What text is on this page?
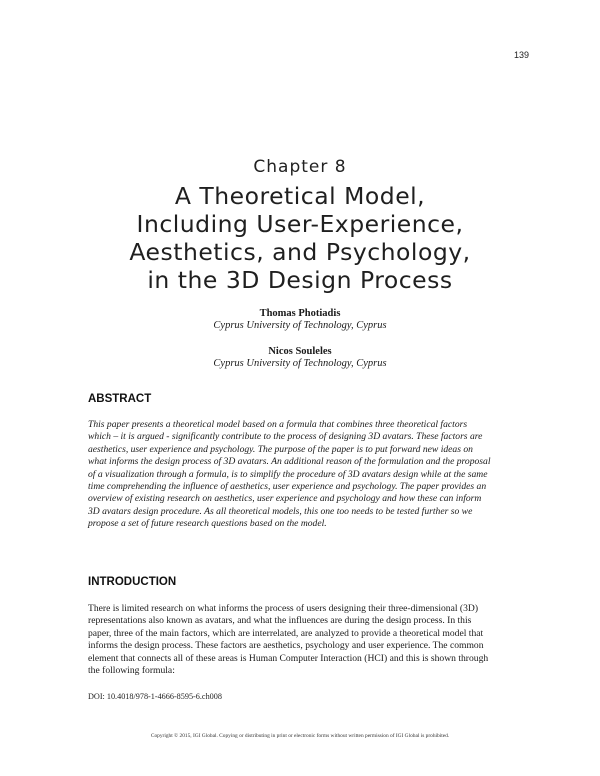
139
Chapter 8
A Theoretical Model,
Including User-Experience,
Aesthetics, and Psychology,
in the 3D Design Process
Thomas Photiadis
Cyprus University of Technology, Cyprus
Nicos Souleles
Cyprus University of Technology, Cyprus
ABSTRACT
This paper presents a theoretical model based on a formula that combines three theoretical factors
which – it is argued - significantly contribute to the process of designing 3D avatars. These factors are
aesthetics, user experience and psychology. The purpose of the paper is to put forward new ideas on
what informs the design process of 3D avatars. An additional reason of the formulation and the proposal
of a visualization through a formula, is to simplify the procedure of 3D avatars design while at the same
time comprehending the influence of aesthetics, user experience and psychology. The paper provides an
overview of existing research on aesthetics, user experience and psychology and how these can inform
3D avatars design procedure. As all theoretical models, this one too needs to be tested further so we
propose a set of future research questions based on the model.
INTRODUCTION
There is limited research on what informs the process of users designing their three-dimensional (3D)
representations also known as avatars, and what the influences are during the design process. In this
paper, three of the main factors, which are interrelated, are analyzed to provide a theoretical model that
informs the design process. These factors are aesthetics, psychology and user experience. The common
element that connects all of these areas is Human Computer Interaction (HCI) and this is shown through
the following formula:
DOI: 10.4018/978-1-4666-8595-6.ch008
Copyright © 2015, IGI Global. Copying or distributing in print or electronic forms without written permission of IGI Global is prohibited.
